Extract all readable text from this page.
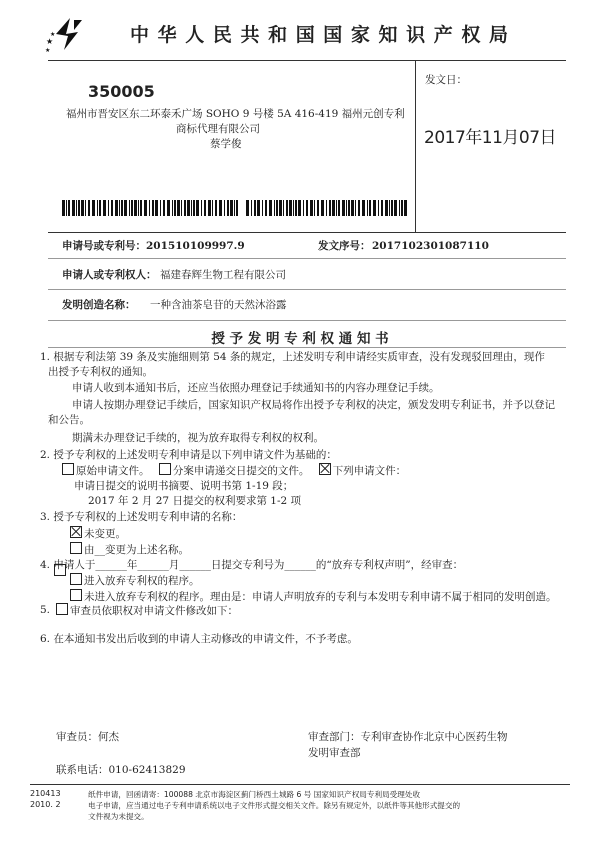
★
★
★
中 华 人 民 共 和 国 国 家 知 识 产 权 局
350005
福州市晋安区东二环泰禾广场 SOHO 9 号楼 5A 416-419 福州元创专利
商标代理有限公司
蔡学俊
发文日：
2017年11月07日
申请号或专利号： 201510109997.9	发文序号： 2017102301087110
申请人或专利权人： 福建春辉生物工程有限公司
发明创造名称： 一种含油茶皂苷的天然沐浴露
授 予 发 明 专 利 权 通 知 书
1. 根据专利法第 39 条及实施细则第 54 条的规定，上述发明专利申请经实质审查，没有发现驳回理由，现作
出授予专利权的通知。
申请人收到本通知书后，还应当依照办理登记手续通知书的内容办理登记手续。
申请人按期办理登记手续后，国家知识产权局将作出授予专利权的决定，颁发发明专利证书，并予以登记
和公告。
期满未办理登记手续的，视为放弃取得专利权的权利。
2. 授予专利权的上述发明专利申请是以下列申请文件为基础的：
原始申请文件。 分案申请递交日提交的文件。 下列申请文件：
申请日提交的说明书摘要、说明书第 1-19 段；
2017 年 2 月 27 日提交的权利要求第 1-2 项
3. 授予专利权的上述发明专利申请的名称：
未变更。
由__变更为上述名称。
4. 申请人于______年______月______日提交专利号为______的“放弃专利权声明”，经审查：
进入放弃专利权的程序。
未进入放弃专利权的程序。理由是：申请人声明放弃的专利与本发明专利申请不属于相同的发明创造。
5.	审查员依职权对申请文件修改如下：
6. 在本通知书发出后收到的申请人主动修改的申请文件，不予考虑。
审查员：何杰	审查部门：专利审查协作北京中心医药生物
发明审查部
联系电话：010-62413829
210413
2010. 2
纸件申请，回函请寄：100088 北京市海淀区蓟门桥西土城路 6 号 国家知识产权局专利局受理处收
电子申请，应当通过电子专利申请系统以电子文件形式提交相关文件。除另有规定外，以纸件等其他形式提交的
文件视为未提交。
